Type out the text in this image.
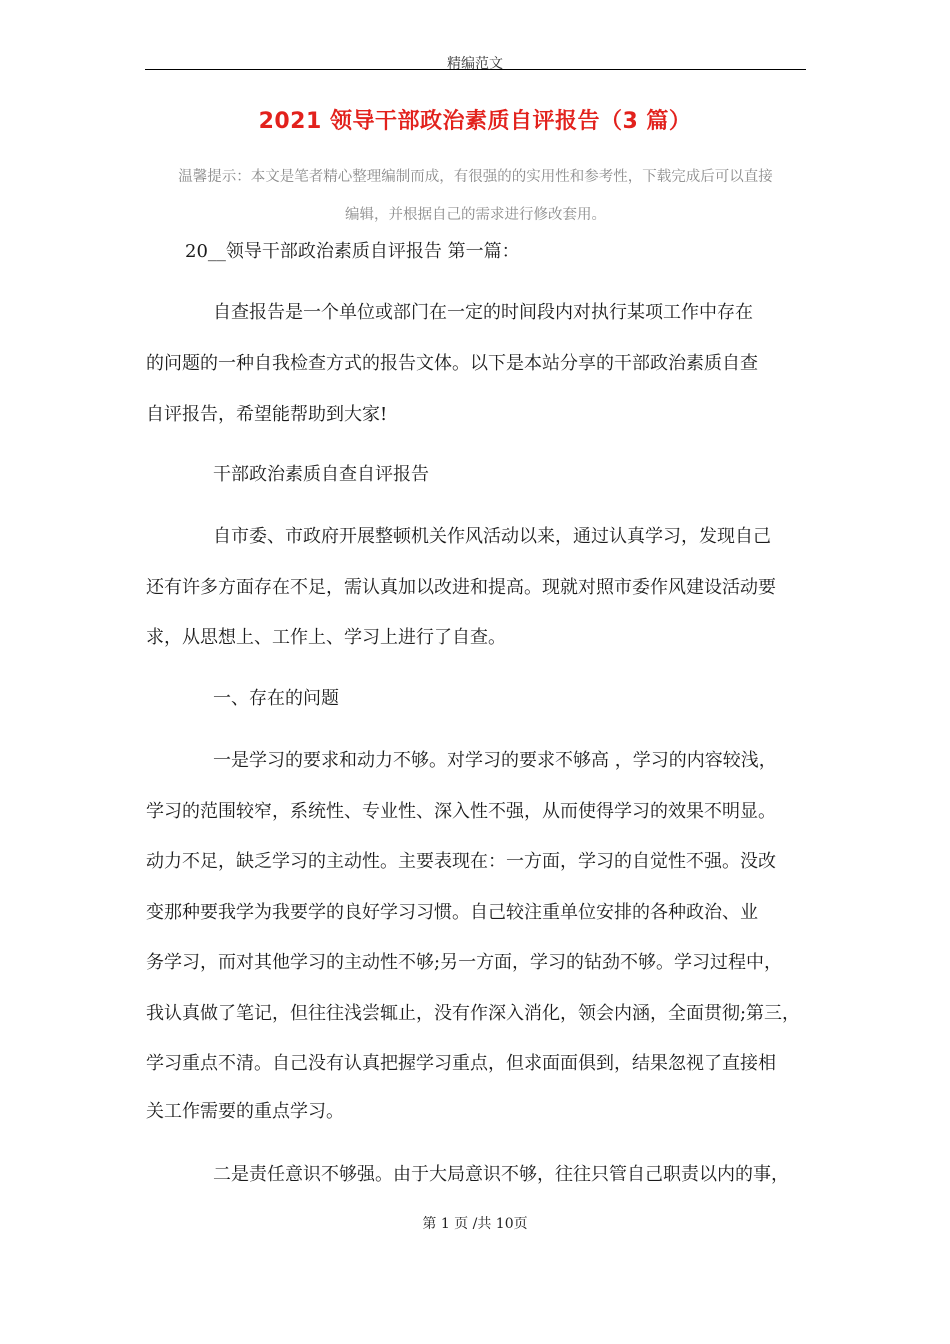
精编范文
2021 领导干部政治素质自评报告（3 篇）
温馨提示：本文是笔者精心整理编制而成，有很强的的实用性和参考性，下载完成后可以直接
编辑，并根据自己的需求进行修改套用。
20__领导干部政治素质自评报告 第一篇：
自查报告是一个单位或部门在一定的时间段内对执行某项工作中存在
的问题的一种自我检查方式的报告文体。以下是本站分享的干部政治素质自查
自评报告，希望能帮助到大家!
干部政治素质自查自评报告
自市委、市政府开展整顿机关作风活动以来，通过认真学习，发现自己
还有许多方面存在不足，需认真加以改进和提高。现就对照市委作风建设活动要
求，从思想上、工作上、学习上进行了自查。
一、存在的问题
一是学习的要求和动力不够。对学习的要求不够高 ，学习的内容较浅，
学习的范围较窄，系统性、专业性、深入性不强，从而使得学习的效果不明显。
动力不足，缺乏学习的主动性。主要表现在：一方面，学习的自觉性不强。没改
变那种要我学为我要学的良好学习习惯。自己较注重单位安排的各种政治、业
务学习，而对其他学习的主动性不够;另一方面，学习的钻劲不够。学习过程中，
我认真做了笔记，但往往浅尝辄止，没有作深入消化，领会内涵，全面贯彻;第三，
学习重点不清。自己没有认真把握学习重点，但求面面俱到，结果忽视了直接相
关工作需要的重点学习。
二是责任意识不够强。由于大局意识不够，往往只管自己职责以内的事，
第 1 页 /共 10页
